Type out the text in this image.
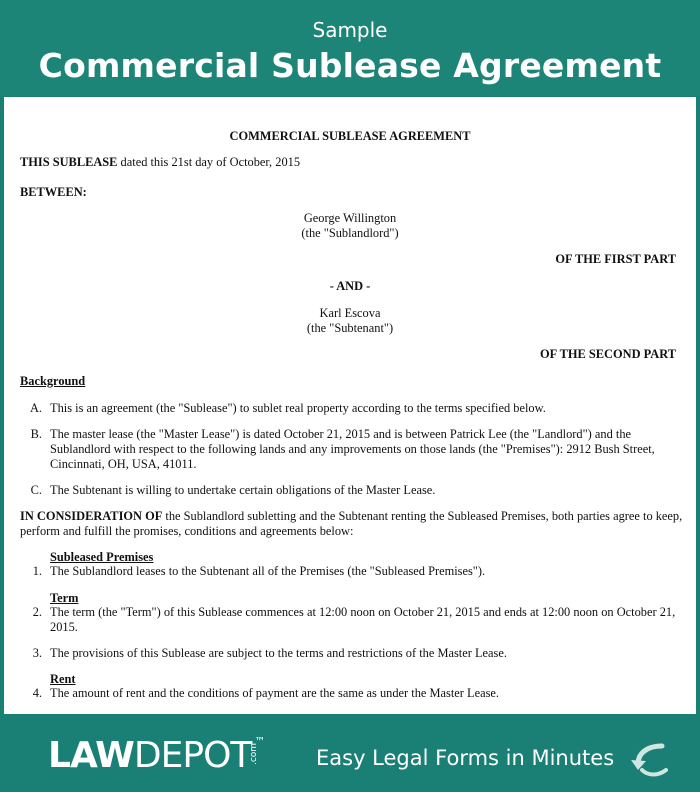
Sample
Commercial Sublease Agreement

COMMERCIAL SUBLEASE AGREEMENT

THIS SUBLEASE dated this 21st day of October, 2015

BETWEEN:

George Willington

(the "Sublandlord")

OF THE FIRST PART

- AND -

Karl Escova

(the "Subtenant")

OF THE SECOND PART

Background

A. This is an agreement (the "Sublease") to sublet real property according to the terms specified below.

B. The master lease (the "Master Lease") is dated October 21, 2015 and is between Patrick Lee (the "Landlord") and the Sublandlord with respect to the following lands and any improvements on those lands (the "Premises"): 2912 Bush Street, Cincinnati, OH, USA, 41011.

C. The Subtenant is willing to undertake certain obligations of the Master Lease.

IN CONSIDERATION OF the Sublandlord subletting and the Subtenant renting the Subleased Premises, both parties agree to keep, perform and fulfill the promises, conditions and agreements below:

Subleased Premises

1. The Sublandlord leases to the Subtenant all of the Premises (the "Subleased Premises").

Term

2. The term (the "Term") of this Sublease commences at 12:00 noon on October 21, 2015 and ends at 12:00 noon on October 21, 2015.

3. The provisions of this Sublease are subject to the terms and restrictions of the Master Lease.

Rent

4. The amount of rent and the conditions of payment are the same as under the Master Lease.

LAWDEPOT ™
.com	Easy Legal Forms in Minutes
